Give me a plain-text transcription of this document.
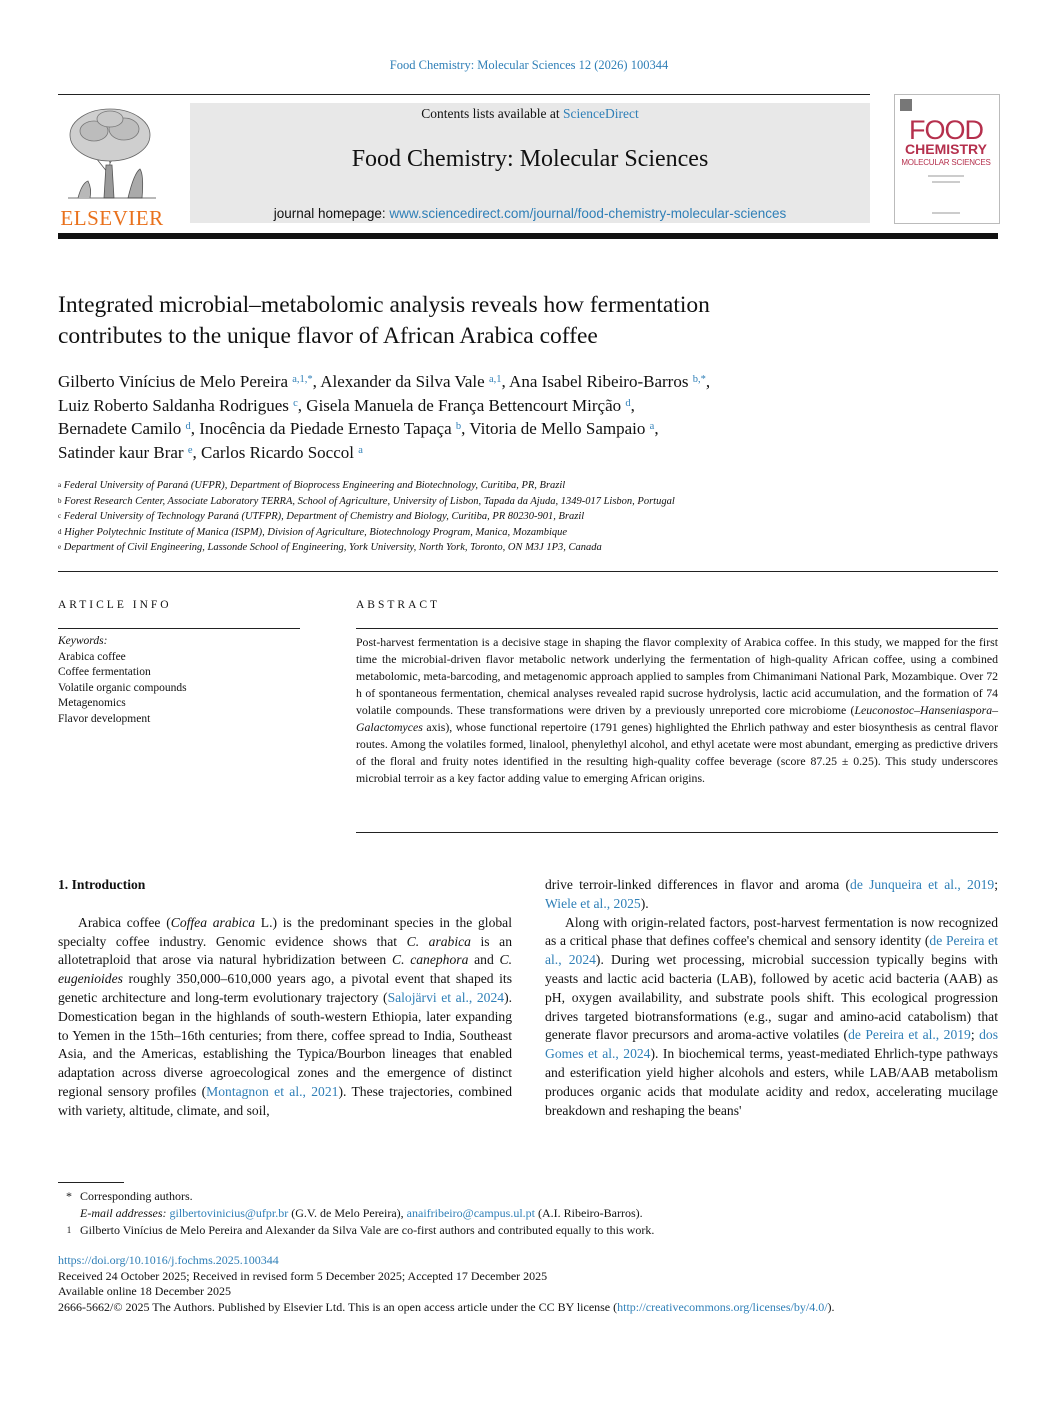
Food Chemistry: Molecular Sciences 12 (2026) 100344
ELSEVIER
Contents lists available at ScienceDirect
Food Chemistry: Molecular Sciences
journal homepage: www.sciencedirect.com/journal/food-chemistry-molecular-sciences
FOOD
CHEMISTRY
MOLECULAR SCIENCES
Integrated microbial–metabolomic analysis reveals how fermentation
contributes to the unique flavor of African Arabica coffee
Gilberto Vinícius de Melo Pereira $^{a,1,*}$, Alexander da Silva Vale $^{a,1}$, Ana Isabel Ribeiro-Barros $^{b,*}$,
Luiz Roberto Saldanha Rodrigues $^c$, Gisela Manuela de França Bettencourt Mirção $^d$,
Bernadete Camilo $^d$, Inocência da Piedade Ernesto Tapaça $^b$, Vitoria de Mello Sampaio $^a$,
Satinder kaur Brar $^e$, Carlos Ricardo Soccol $^a$
$^a$ Federal University of Paraná (UFPR), Department of Bioprocess Engineering and Biotechnology, Curitiba, PR, Brazil
$^b$ Forest Research Center, Associate Laboratory TERRA, School of Agriculture, University of Lisbon, Tapada da Ajuda, 1349-017 Lisbon, Portugal
$^c$ Federal University of Technology Paraná (UTFPR), Department of Chemistry and Biology, Curitiba, PR 80230-901, Brazil
$^d$ Higher Polytechnic Institute of Manica (ISPM), Division of Agriculture, Biotechnology Program, Manica, Mozambique
$^e$ Department of Civil Engineering, Lassonde School of Engineering, York University, North York, Toronto, ON M3J 1P3, Canada
ARTICLE INFO	ABSTRACT
Keywords:
Arabica coffee
Coffee fermentation
Volatile organic compounds
Metagenomics
Flavor development
Post-harvest fermentation is a decisive stage in shaping the flavor complexity of Arabica coffee. In this study, we mapped for the first time the microbial-driven flavor metabolic network underlying the fermentation of high-quality African coffee, using a combined metabolomic, meta-barcoding, and metagenomic approach applied to samples from Chimanimani National Park, Mozambique. Over 72 h of spontaneous fermentation, chemical analyses revealed rapid sucrose hydrolysis, lactic acid accumulation, and the formation of 74 volatile compounds. These transformations were driven by a previously unreported core microbiome (Leuconostoc–Hanseniaspora–Galactomyces axis), whose functional repertoire (1791 genes) highlighted the Ehrlich pathway and ester biosynthesis as central flavor routes. Among the volatiles formed, linalool, phenylethyl alcohol, and ethyl acetate were most abundant, emerging as predictive drivers of the floral and fruity notes identified in the resulting high-quality coffee beverage (score 87.25 ± 0.25). This study underscores microbial terroir as a key factor adding value to emerging African origins.
1. Introduction

Arabica coffee (Coffea arabica L.) is the predominant species in the global specialty coffee industry. Genomic evidence shows that C. arabica is an allotetraploid that arose via natural hybridization between C. canephora and C. eugenioides roughly 350,000–610,000 years ago, a pivotal event that shaped its genetic architecture and long-term evolutionary trajectory (Salojärvi et al., 2024). Domestication began in the highlands of south-western Ethiopia, later expanding to Yemen in the 15th–16th centuries; from there, coffee spread to India, Southeast Asia, and the Americas, establishing the Typica/Bourbon lineages that enabled adaptation across diverse agroecological zones and the emergence of distinct regional sensory profiles (Montagnon et al., 2021). These trajectories, combined with variety, altitude, climate, and soil,

drive terroir-linked differences in flavor and aroma (de Junqueira et al., 2019; Wiele et al., 2025).

Along with origin-related factors, post-harvest fermentation is now recognized as a critical phase that defines coffee's chemical and sensory identity (de Pereira et al., 2024). During wet processing, microbial succession typically begins with yeasts and lactic acid bacteria (LAB), followed by acetic acid bacteria (AAB) as pH, oxygen availability, and substrate pools shift. This ecological progression drives targeted biotransformations (e.g., sugar and amino-acid catabolism) that generate flavor precursors and aroma-active volatiles (de Pereira et al., 2019; dos Gomes et al., 2024). In biochemical terms, yeast-mediated Ehrlich-type pathways and esterification yield higher alcohols and esters, while LAB/AAB metabolism produces organic acids that modulate acidity and redox, accelerating mucilage breakdown and reshaping the beans'

* Corresponding authors.
E-mail addresses: gilbertovinicius@ufpr.br (G.V. de Melo Pereira), anaifribeiro@campus.ul.pt (A.I. Ribeiro-Barros).
1 Gilberto Vinícius de Melo Pereira and Alexander da Silva Vale are co-first authors and contributed equally to this work.
https://doi.org/10.1016/j.fochms.2025.100344
Received 24 October 2025; Received in revised form 5 December 2025; Accepted 17 December 2025
Available online 18 December 2025
2666-5662/© 2025 The Authors. Published by Elsevier Ltd. This is an open access article under the CC BY license (http://creativecommons.org/licenses/by/4.0/).
